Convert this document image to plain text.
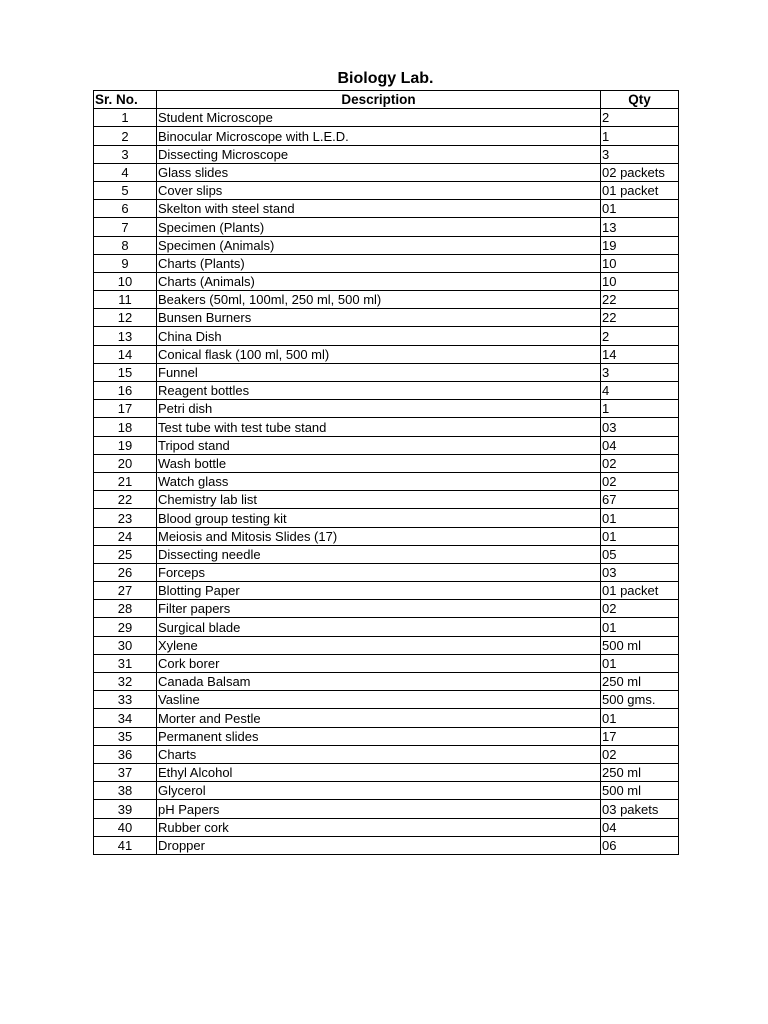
Biology Lab.
Sr. No.	Description	Qty
1	Student Microscope	2
2	Binocular Microscope with L.E.D.	1
3	Dissecting Microscope	3
4	Glass slides	02 packets
5	Cover slips	01 packet
6	Skelton with steel stand	01
7	Specimen (Plants)	13
8	Specimen (Animals)	19
9	Charts (Plants)	10
10	Charts (Animals)	10
11	Beakers (50ml, 100ml, 250 ml, 500 ml)	22
12	Bunsen Burners	22
13	China Dish	2
14	Conical flask (100 ml, 500 ml)	14
15	Funnel	3
16	Reagent bottles	4
17	Petri dish	1
18	Test tube with test tube stand	03
19	Tripod stand	04
20	Wash bottle	02
21	Watch glass	02
22	Chemistry lab list	67
23	Blood group testing kit	01
24	Meiosis and Mitosis Slides (17)	01
25	Dissecting needle	05
26	Forceps	03
27	Blotting Paper	01 packet
28	Filter papers	02
29	Surgical blade	01
30	Xylene	500 ml
31	Cork borer	01
32	Canada Balsam	250 ml
33	Vasline	500 gms.
34	Morter and Pestle	01
35	Permanent slides	17
36	Charts	02
37	Ethyl Alcohol	250 ml
38	Glycerol	500 ml
39	pH Papers	03 pakets
40	Rubber cork	04
41	Dropper	06
